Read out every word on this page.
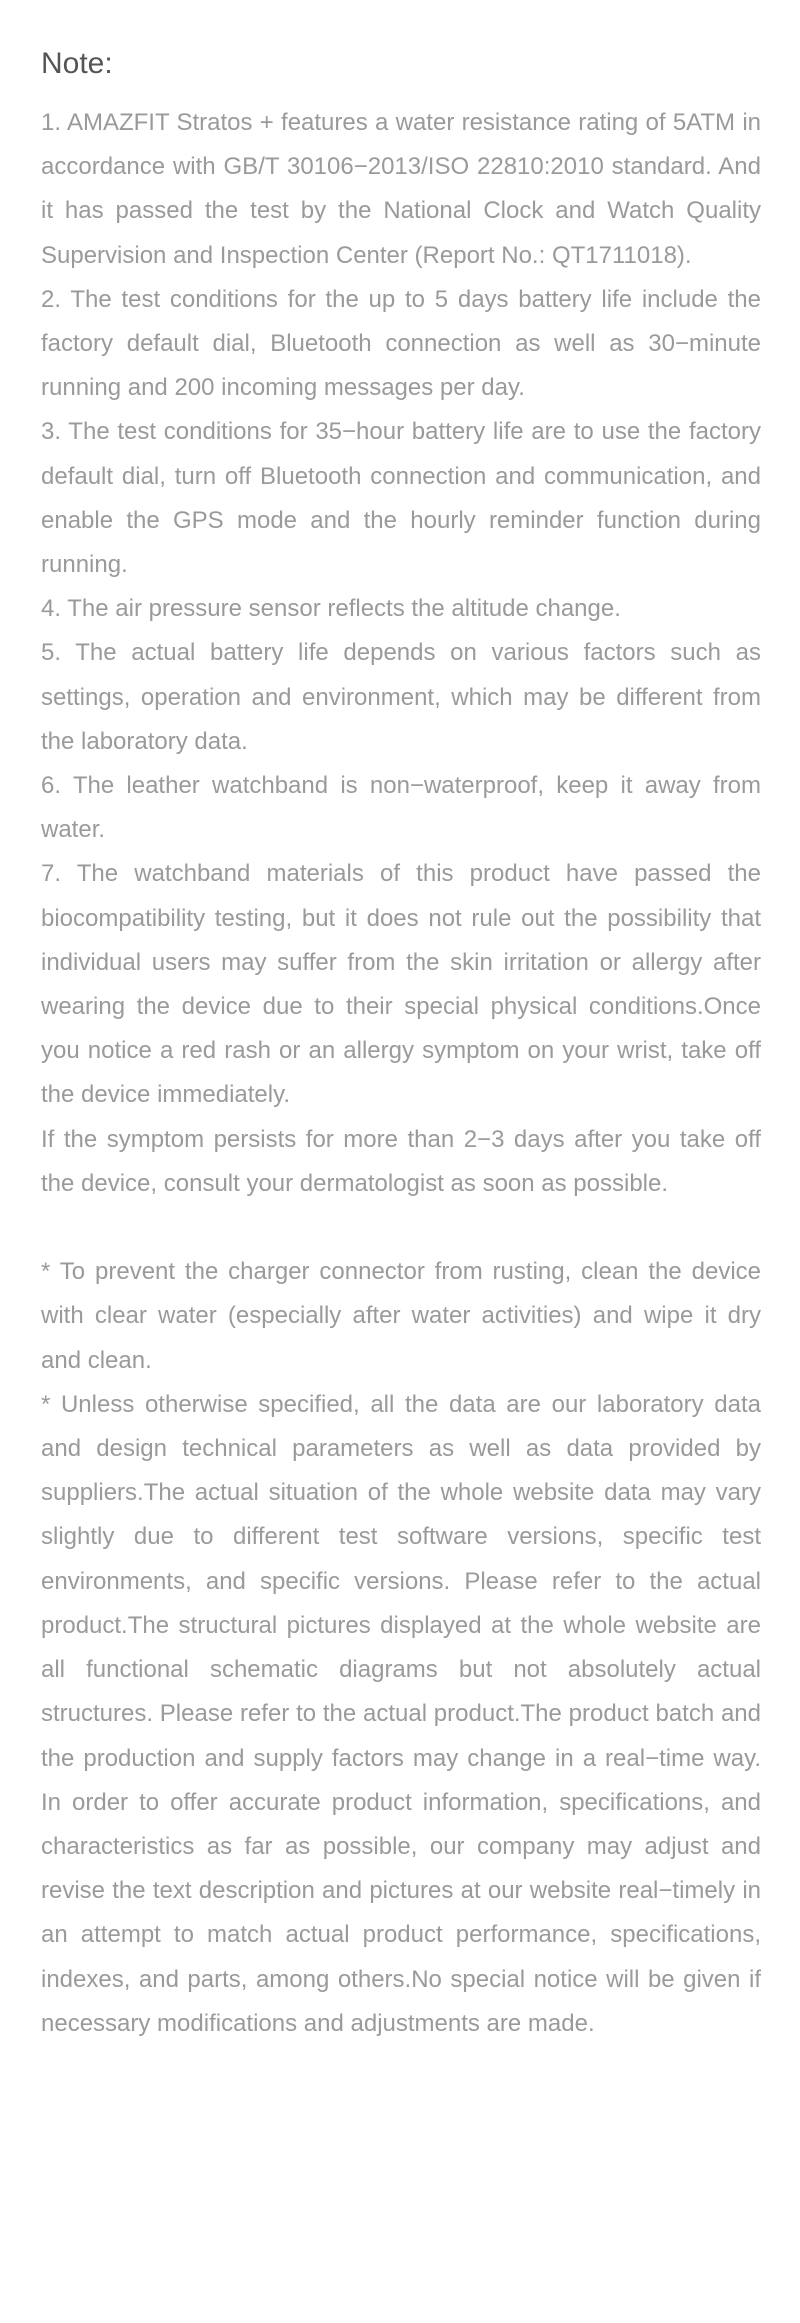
Note:

1. AMAZFIT Stratos + features a water resistance rating of 5ATM in accordance with GB/T 30106−2013/ISO 22810:2010 standard. And it has passed the test by the National Clock and Watch Quality Supervision and Inspection Center (Report No.: QT1711018).

2. The test conditions for the up to 5 days battery life include the factory default dial, Bluetooth connection as well as 30−minute running and 200 incoming messages per day.

3. The test conditions for 35−hour battery life are to use the factory default dial, turn off Bluetooth connection and communication, and enable the GPS mode and the hourly reminder function during running.

4. The air pressure sensor reflects the altitude change.

5. The actual battery life depends on various factors such as settings, operation and environment, which may be different from the laboratory data.

6. The leather watchband is non−waterproof, keep it away from water.

7. The watchband materials of this product have passed the biocompatibility testing, but it does not rule out the possibility that individual users may suffer from the skin irritation or allergy after wearing the device due to their special physical conditions.Once you notice a red rash or an allergy symptom on your wrist, take off the device immediately.

If the symptom persists for more than 2−3 days after you take off the device, consult your dermatologist as soon as possible.

* To prevent the charger connector from rusting, clean the device with clear water (especially after water activities) and wipe it dry and clean.

* Unless otherwise specified, all the data are our laboratory data and design technical parameters as well as data provided by suppliers.The actual situation of the whole website data may vary slightly due to different test software versions, specific test environments, and specific versions. Please refer to the actual product.The structural pictures displayed at the whole website are all functional schematic diagrams but not absolutely actual structures. Please refer to the actual product.The product batch and the production and supply factors may change in a real−time way. In order to offer accurate product information, specifications, and characteristics as far as possible, our company may adjust and revise the text description and pictures at our website real−timely in an attempt to match actual product performance, specifications, indexes, and parts, among others.No special notice will be given if necessary modifications and adjustments are made.
